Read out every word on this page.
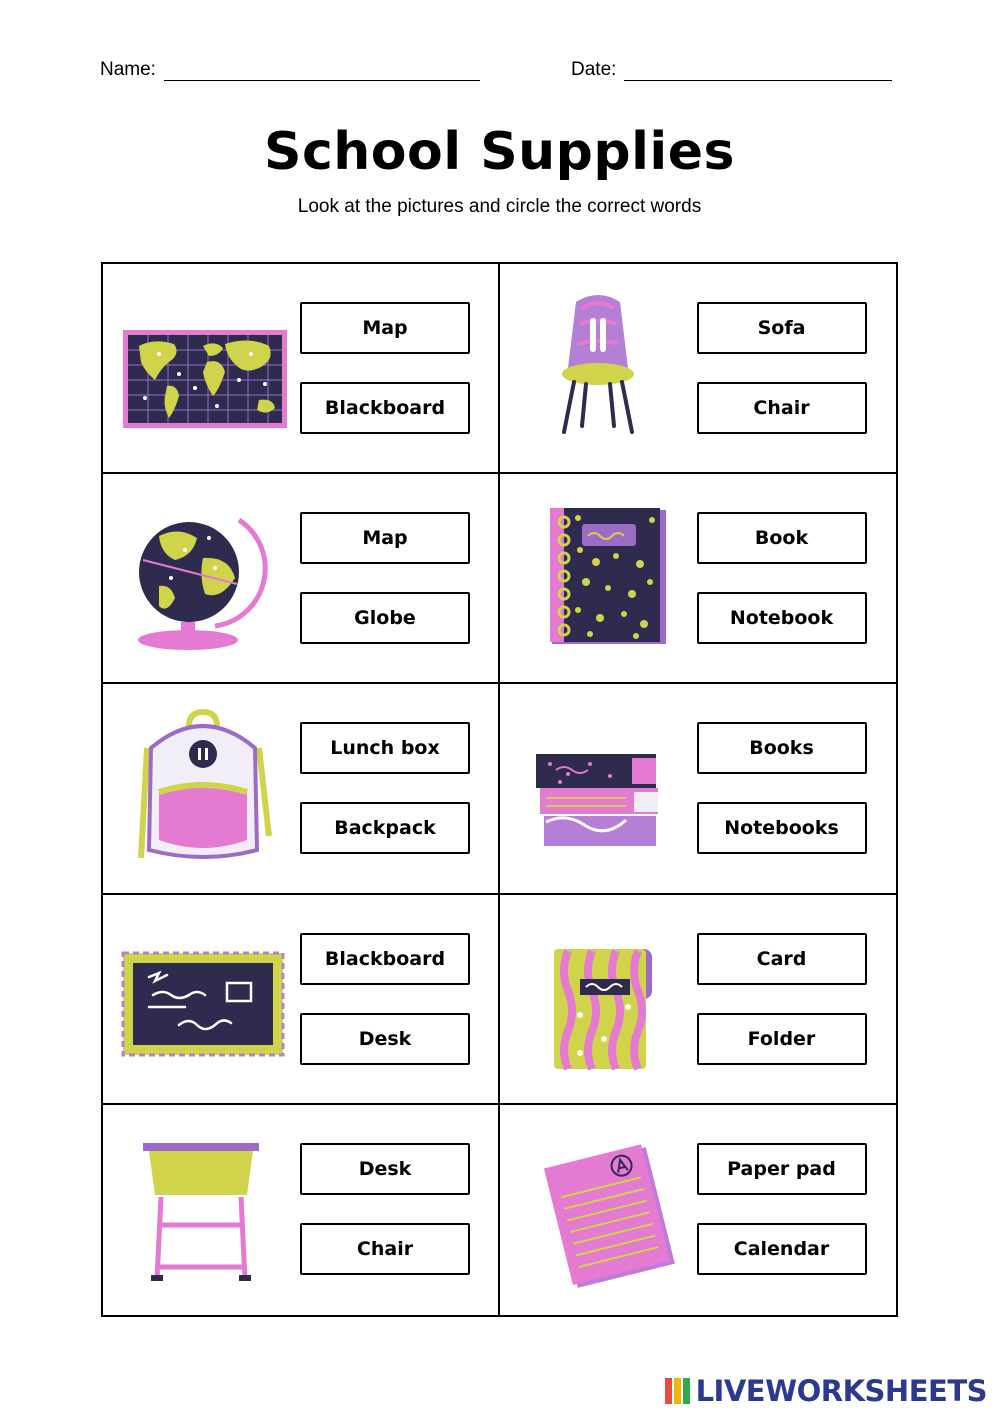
Name:	Date:
School Supplies
Look at the pictures and circle the correct words
Map
Blackboard
Sofa
Chair
Map
Globe
Book
Notebook
Lunch box
Backpack
Books
Notebooks
Blackboard
Desk
Card
Folder
Desk
Chair
Paper pad
Calendar
LIVEWORKSHEETS
